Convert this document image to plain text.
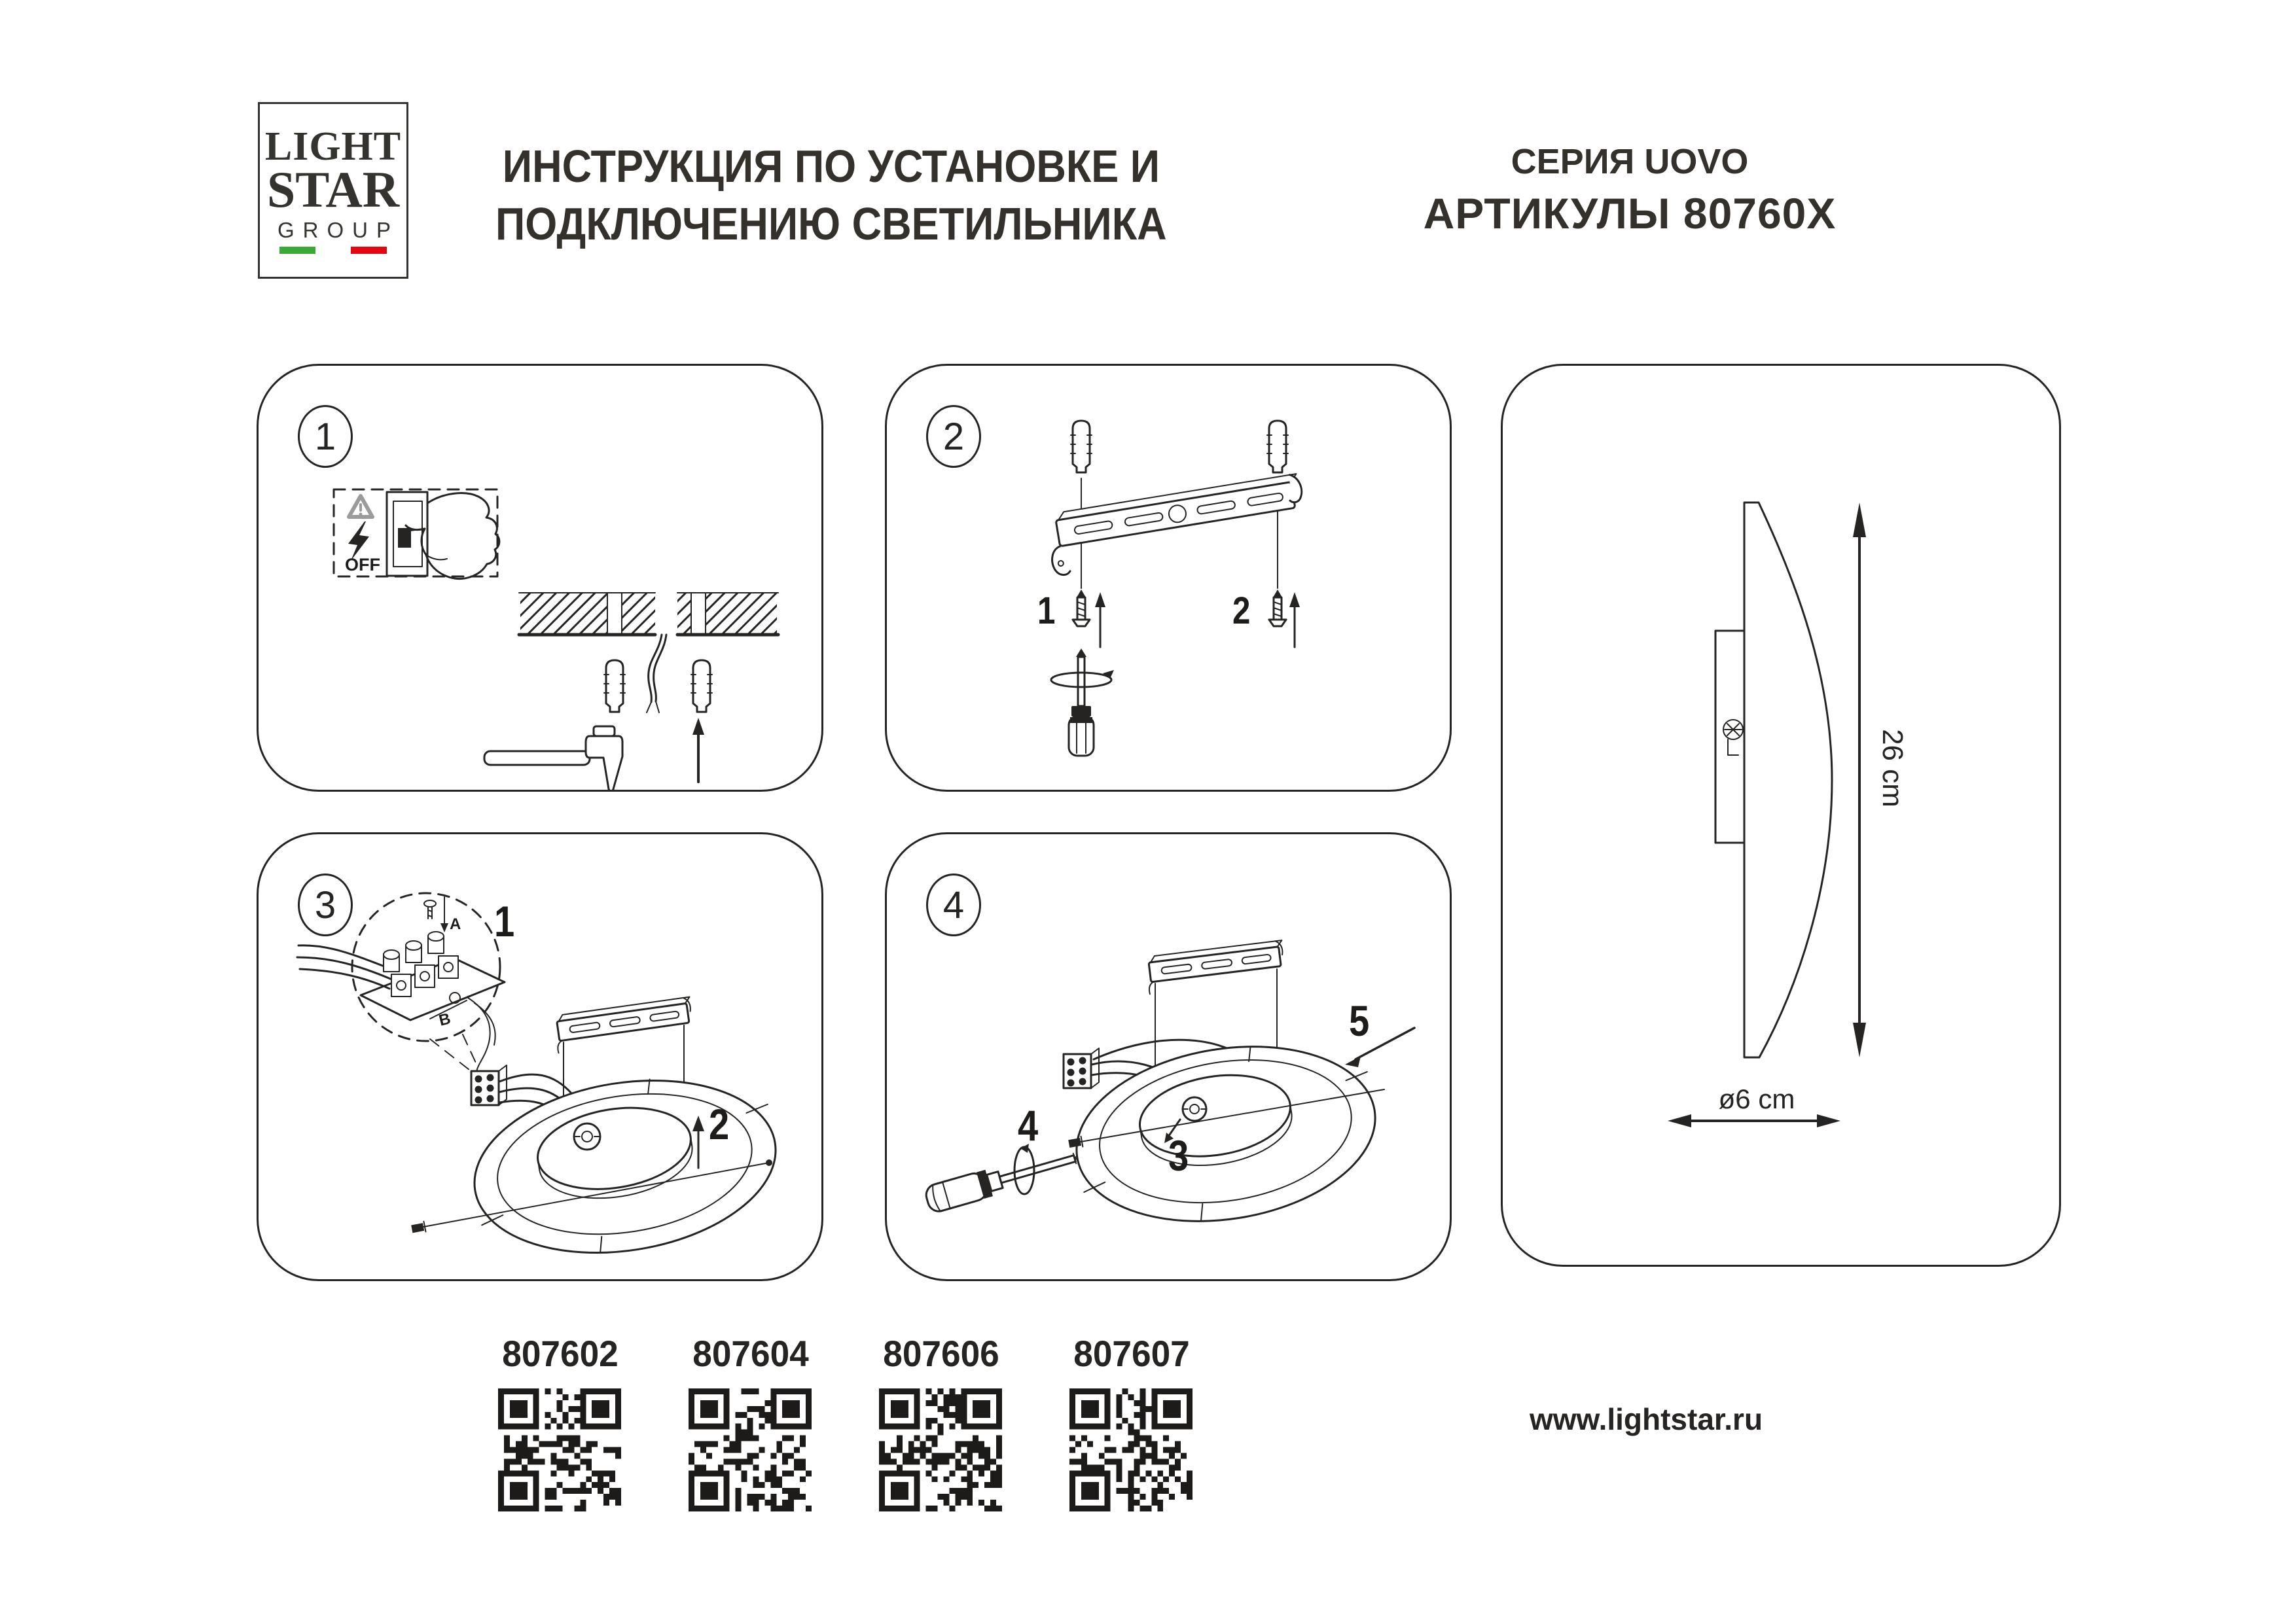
LIGHT
STAR
GROUP
ИНСТРУКЦИЯ ПО УСТАНОВКЕ И
ПОДКЛЮЧЕНИЮ СВЕТИЛЬНИКА
СЕРИЯ UOVO
АРТИКУЛЫ 80760X
1
OFF
2
1	2
3	1
A
B
2
4
4
3
5
26 cm
ø6 cm
807602 807604 807606 807607
www.lightstar.ru
